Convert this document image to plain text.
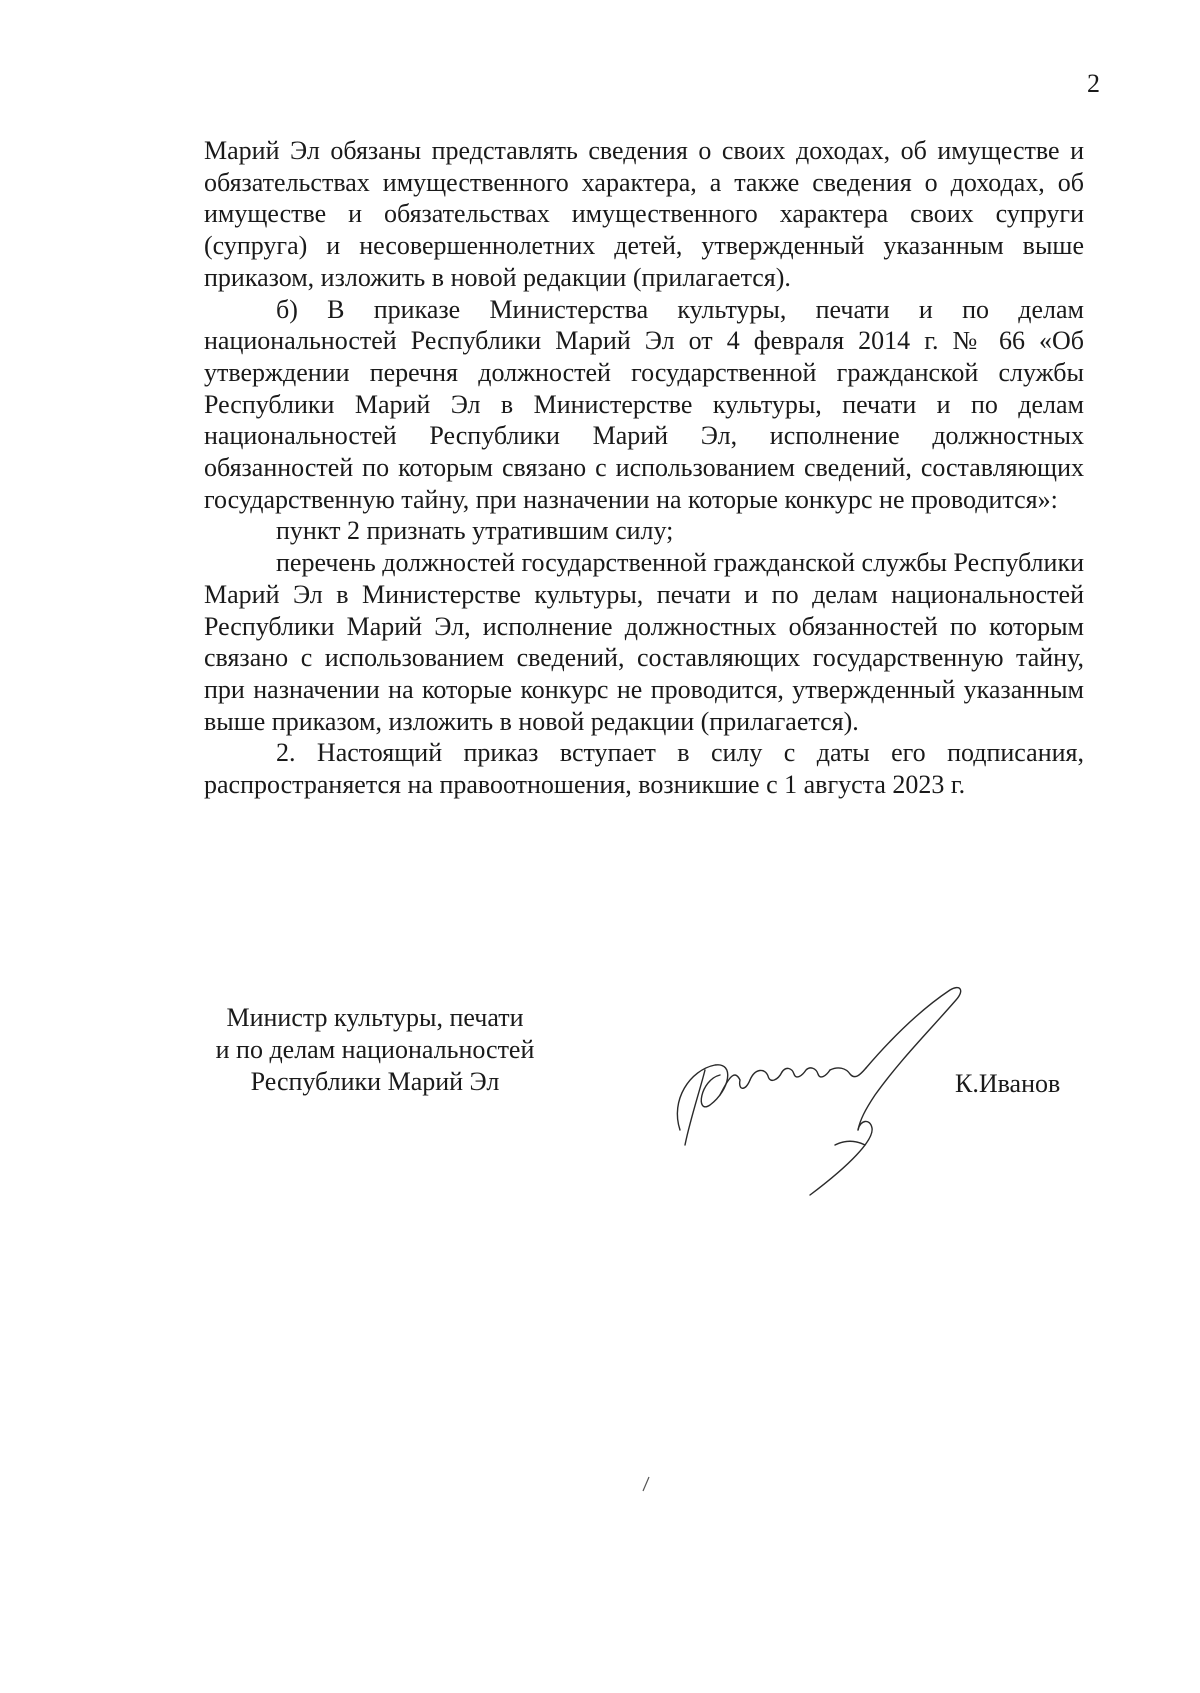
2

Марий Эл обязаны представлять сведения о своих доходах, об имуществе и обязательствах имущественного характера, а также сведения о доходах, об имуществе и обязательствах имущественного характера своих супруги (супруга) и несовершеннолетних детей, утвержденный указанным выше приказом, изложить в новой редакции (прилагается).

б) В приказе Министерства культуры, печати и по делам национальностей Республики Марий Эл от 4 февраля 2014 г. № 66 «Об утверждении перечня должностей государственной гражданской службы Республики Марий Эл в Министерстве культуры, печати и по делам национальностей Республики Марий Эл, исполнение должностных обязанностей по которым связано с использованием сведений, составляющих государственную тайну, при назначении на которые конкурс не проводится»:

пункт 2 признать утратившим силу;

перечень должностей государственной гражданской службы Республики Марий Эл в Министерстве культуры, печати и по делам национальностей Республики Марий Эл, исполнение должностных обязанностей по которым связано с использованием сведений, составляющих государственную тайну, при назначении на которые конкурс не проводится, утвержденный указанным выше приказом, изложить в новой редакции (прилагается).

2. Настоящий приказ вступает в силу с даты его подписания, распространяется на правоотношения, возникшие с 1 августа 2023 г.

Министр культуры, печати
и по делам национальностей
Республики Марий Эл	К.Иванов
